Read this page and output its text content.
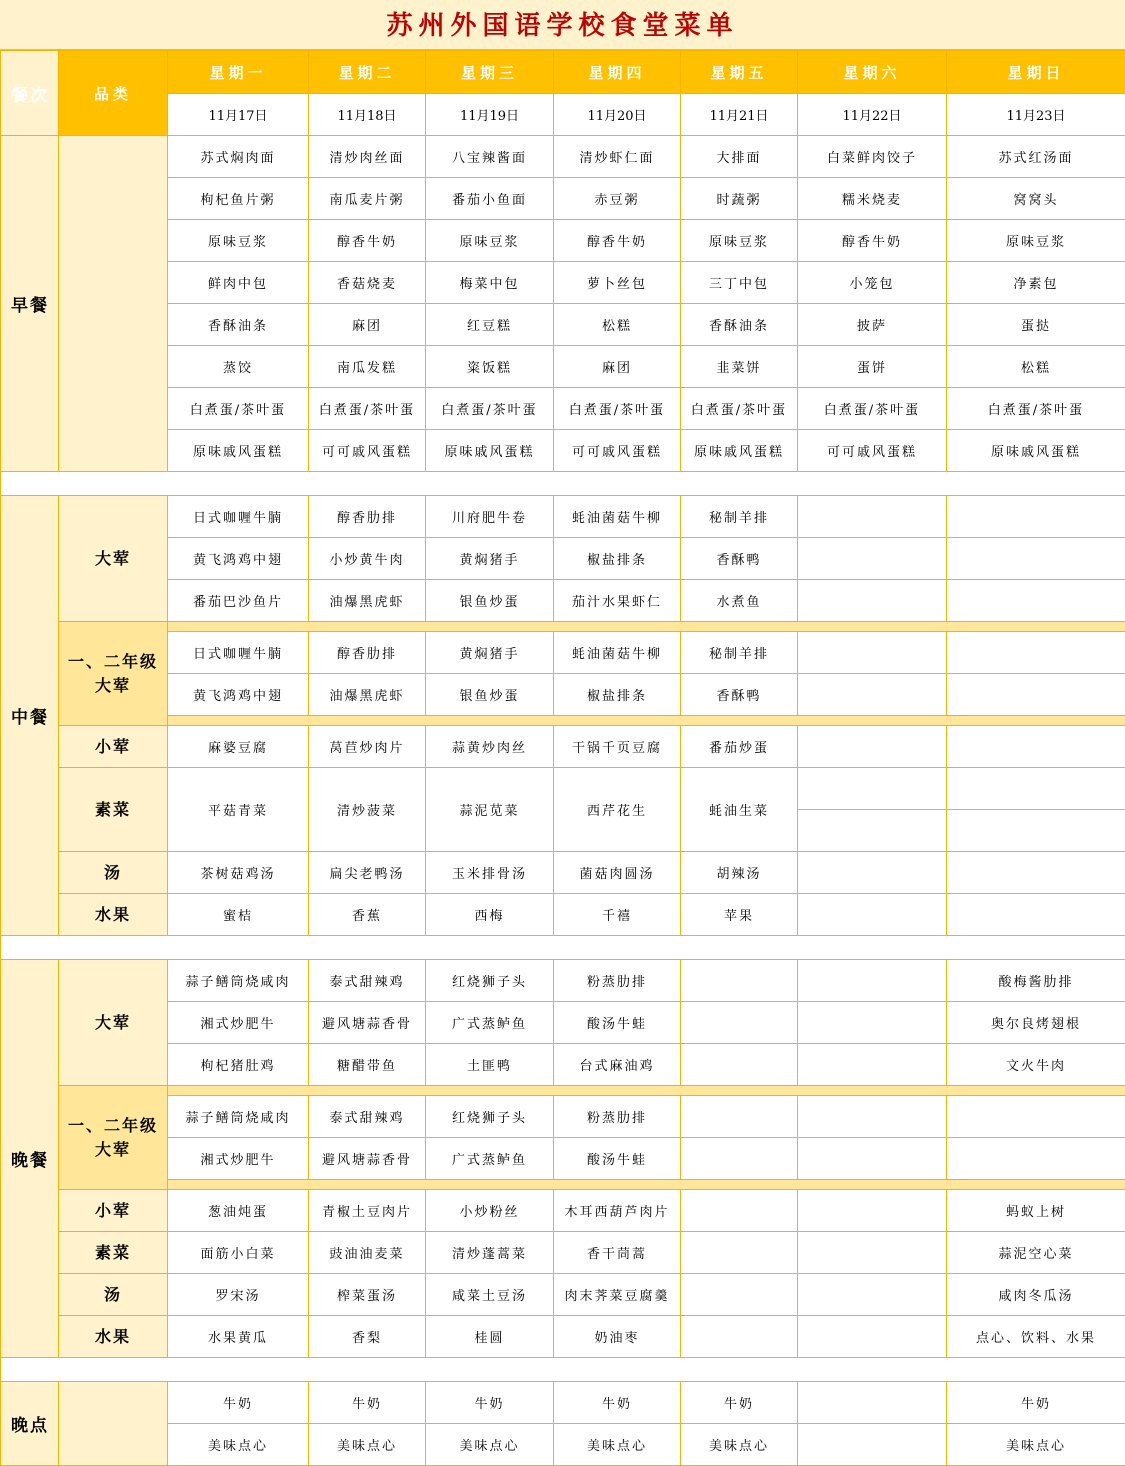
苏州外国语学校食堂菜单
餐次	品类	星期一	星期二	星期三	星期四	星期五	星期六	星期日
		11月17日	11月18日	11月19日	11月20日	11月21日	11月22日	11月23日
早餐		苏式焖肉面	清炒肉丝面	八宝辣酱面	清炒虾仁面	大排面	白菜鲜肉饺子	苏式红汤面
		枸杞鱼片粥	南瓜麦片粥	番茄小鱼面	赤豆粥	时蔬粥	糯米烧麦	窝窝头
		原味豆浆	醇香牛奶	原味豆浆	醇香牛奶	原味豆浆	醇香牛奶	原味豆浆
		鲜肉中包	香菇烧麦	梅菜中包	萝卜丝包	三丁中包	小笼包	净素包
		香酥油条	麻团	红豆糕	松糕	香酥油条	披萨	蛋挞
		蒸饺	南瓜发糕	粢饭糕	麻团	韭菜饼	蛋饼	松糕
		白煮蛋/茶叶蛋	白煮蛋/茶叶蛋	白煮蛋/茶叶蛋	白煮蛋/茶叶蛋	白煮蛋/茶叶蛋	白煮蛋/茶叶蛋	白煮蛋/茶叶蛋
		原味戚风蛋糕	可可戚风蛋糕	原味戚风蛋糕	可可戚风蛋糕	原味戚风蛋糕	可可戚风蛋糕	原味戚风蛋糕

中餐	大荤	日式咖喱牛腩	醇香肋排	川府肥牛卷	蚝油菌菇牛柳	秘制羊排		
		黄飞鸿鸡中翅	小炒黄牛肉	黄焖猪手	椒盐排条	香酥鸭		
		番茄巴沙鱼片	油爆黑虎虾	银鱼炒蛋	茄汁水果虾仁	水煮鱼		
	一、二年级
大荤							
		日式咖喱牛腩	醇香肋排	黄焖猪手	蚝油菌菇牛柳	秘制羊排		
		黄飞鸿鸡中翅	油爆黑虎虾	银鱼炒蛋	椒盐排条	香酥鸭		

	小荤	麻婆豆腐	莴苣炒肉片	蒜黄炒肉丝	干锅千页豆腐	番茄炒蛋		
	素菜	平菇青菜	清炒菠菜	蒜泥苋菜	西芹花生	蚝油生菜		

	汤	茶树菇鸡汤	扁尖老鸭汤	玉米排骨汤	菌菇肉圆汤	胡辣汤		
	水果	蜜桔	香蕉	西梅	千禧	苹果		

晚餐	大荤	蒜子鳝筒烧咸肉	泰式甜辣鸡	红烧狮子头	粉蒸肋排			酸梅酱肋排
		湘式炒肥牛	避风塘蒜香骨	广式蒸鲈鱼	酸汤牛蛙			奥尔良烤翅根
		枸杞猪肚鸡	糖醋带鱼	土匪鸭	台式麻油鸡			文火牛肉
	一、二年级
大荤							
		蒜子鳝筒烧咸肉	泰式甜辣鸡	红烧狮子头	粉蒸肋排			
		湘式炒肥牛	避风塘蒜香骨	广式蒸鲈鱼	酸汤牛蛙			

	小荤	葱油炖蛋	青椒土豆肉片	小炒粉丝	木耳西葫芦肉片			蚂蚁上树
	素菜	面筋小白菜	豉油油麦菜	清炒蓬蒿菜	香干茼蒿			蒜泥空心菜
	汤	罗宋汤	榨菜蛋汤	咸菜土豆汤	肉末荠菜豆腐羹			咸肉冬瓜汤
	水果	水果黄瓜	香梨	桂圆	奶油枣			点心、饮料、水果

晚点		牛奶	牛奶	牛奶	牛奶	牛奶		牛奶
		美味点心	美味点心	美味点心	美味点心	美味点心		美味点心
